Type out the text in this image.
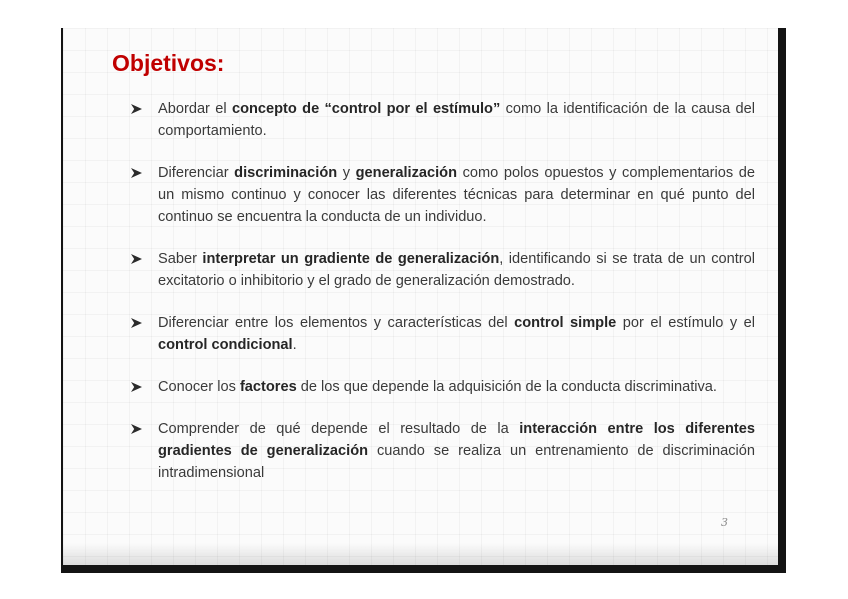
Objetivos:
Abordar el concepto de “control por el estímulo” como la identificación de la causa del comportamiento.
Diferenciar discriminación y generalización como polos opuestos y complementarios de un mismo continuo y conocer las diferentes técnicas para determinar en qué punto del continuo se encuentra la conducta de un individuo.
Saber interpretar un gradiente de generalización, identificando si se trata de un control excitatorio o inhibitorio y el grado de generalización demostrado.
Diferenciar entre los elementos y características del control simple por el estímulo y el control condicional.
Conocer los factores de los que depende la adquisición de la conducta discriminativa.
Comprender de qué depende el resultado de la interacción entre los diferentes gradientes de generalización cuando se realiza un entrenamiento de discriminación intradimensional
3
